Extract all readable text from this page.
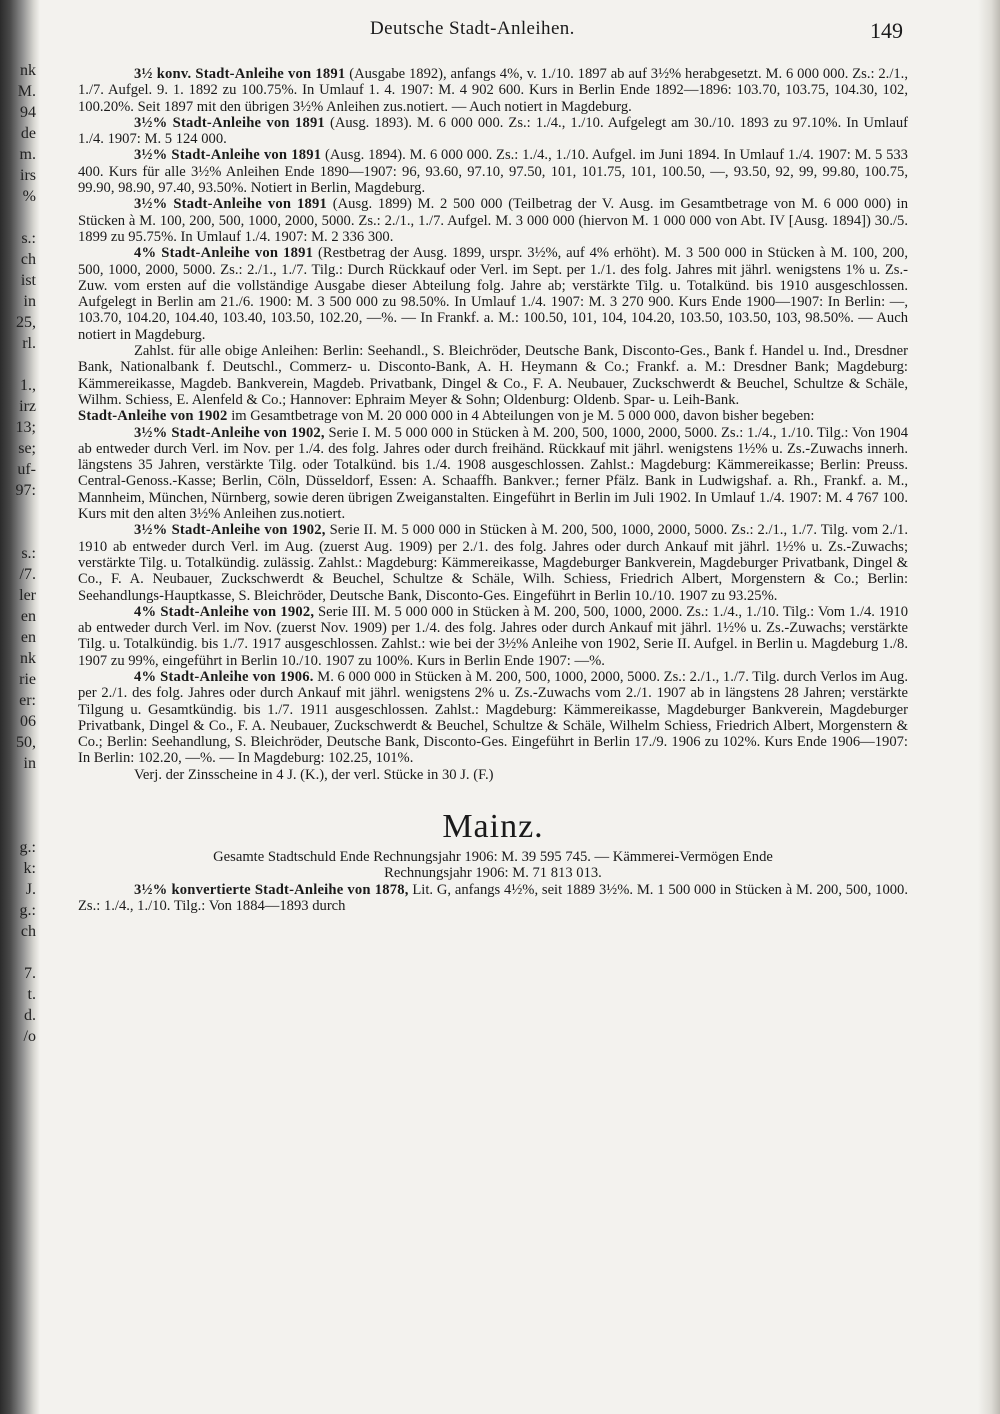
nk
M.
94
de
m.
irs
%

s.:
ch
ist
in
25,
rl.

1.,
irz
13;
se;
uf-
97:

s.:
/7.
ler
en
en
nk
rie
er:
06
50,
in

g.:
k:
J.
g.:
ch

7.
t.
d.
/o
Deutsche Stadt-Anleihen.	149

3½ konv. Stadt-Anleihe von 1891 (Ausgabe 1892), anfangs 4%, v. 1./10. 1897 ab auf 3½% herabgesetzt. M. 6 000 000. Zs.: 2./1., 1./7. Aufgel. 9. 1. 1892 zu 100.75%. In Umlauf 1. 4. 1907: M. 4 902 600. Kurs in Berlin Ende 1892—1896: 103.70, 103.75, 104.30, 102, 100.20%. Seit 1897 mit den übrigen 3½% Anleihen zus.notiert. — Auch notiert in Magdeburg.

3½% Stadt-Anleihe von 1891 (Ausg. 1893). M. 6 000 000. Zs.: 1./4., 1./10. Aufgelegt am 30./10. 1893 zu 97.10%. In Umlauf 1./4. 1907: M. 5 124 000.

3½% Stadt-Anleihe von 1891 (Ausg. 1894). M. 6 000 000. Zs.: 1./4., 1./10. Aufgel. im Juni 1894. In Umlauf 1./4. 1907: M. 5 533 400. Kurs für alle 3½% Anleihen Ende 1890—1907: 96, 93.60, 97.10, 97.50, 101, 101.75, 101, 100.50, —, 93.50, 92, 99, 99.80, 100.75, 99.90, 98.90, 97.40, 93.50%. Notiert in Berlin, Magdeburg.

3½% Stadt-Anleihe von 1891 (Ausg. 1899) M. 2 500 000 (Teilbetrag der V. Ausg. im Gesamtbetrage von M. 6 000 000) in Stücken à M. 100, 200, 500, 1000, 2000, 5000. Zs.: 2./1., 1./7. Aufgel. M. 3 000 000 (hiervon M. 1 000 000 von Abt. IV [Ausg. 1894]) 30./5. 1899 zu 95.75%. In Umlauf 1./4. 1907: M. 2 336 300.

4% Stadt-Anleihe von 1891 (Restbetrag der Ausg. 1899, urspr. 3½%, auf 4% erhöht). M. 3 500 000 in Stücken à M. 100, 200, 500, 1000, 2000, 5000. Zs.: 2./1., 1./7. Tilg.: Durch Rückkauf oder Verl. im Sept. per 1./1. des folg. Jahres mit jährl. wenigstens 1% u. Zs.-Zuw. vom ersten auf die vollständige Ausgabe dieser Abteilung folg. Jahre ab; verstärkte Tilg. u. Totalkünd. bis 1910 ausgeschlossen. Aufgelegt in Berlin am 21./6. 1900: M. 3 500 000 zu 98.50%. In Umlauf 1./4. 1907: M. 3 270 900. Kurs Ende 1900—1907: In Berlin: —, 103.70, 104.20, 104.40, 103.40, 103.50, 102.20, —%. — In Frankf. a. M.: 100.50, 101, 104, 104.20, 103.50, 103.50, 103, 98.50%. — Auch notiert in Magdeburg.

Zahlst. für alle obige Anleihen: Berlin: Seehandl., S. Bleichröder, Deutsche Bank, Disconto-Ges., Bank f. Handel u. Ind., Dresdner Bank, Nationalbank f. Deutschl., Commerz- u. Disconto-Bank, A. H. Heymann & Co.; Frankf. a. M.: Dresdner Bank; Magdeburg: Kämmereikasse, Magdeb. Bankverein, Magdeb. Privatbank, Dingel & Co., F. A. Neubauer, Zuckschwerdt & Beuchel, Schultze & Schäle, Wilhm. Schiess, E. Alenfeld & Co.; Hannover: Ephraim Meyer & Sohn; Oldenburg: Oldenb. Spar- u. Leih-Bank.

Stadt-Anleihe von 1902 im Gesamtbetrage von M. 20 000 000 in 4 Abteilungen von je M. 5 000 000, davon bisher begeben:

3½% Stadt-Anleihe von 1902, Serie I. M. 5 000 000 in Stücken à M. 200, 500, 1000, 2000, 5000. Zs.: 1./4., 1./10. Tilg.: Von 1904 ab entweder durch Verl. im Nov. per 1./4. des folg. Jahres oder durch freihänd. Rückkauf mit jährl. wenigstens 1½% u. Zs.-Zuwachs innerh. längstens 35 Jahren, verstärkte Tilg. oder Totalkünd. bis 1./4. 1908 ausgeschlossen. Zahlst.: Magdeburg: Kämmereikasse; Berlin: Preuss. Central-Genoss.-Kasse; Berlin, Cöln, Düsseldorf, Essen: A. Schaaffh. Bankver.; ferner Pfälz. Bank in Ludwigshaf. a. Rh., Frankf. a. M., Mannheim, München, Nürnberg, sowie deren übrigen Zweiganstalten. Eingeführt in Berlin im Juli 1902. In Umlauf 1./4. 1907: M. 4 767 100. Kurs mit den alten 3½% Anleihen zus.notiert.

3½% Stadt-Anleihe von 1902, Serie II. M. 5 000 000 in Stücken à M. 200, 500, 1000, 2000, 5000. Zs.: 2./1., 1./7. Tilg. vom 2./1. 1910 ab entweder durch Verl. im Aug. (zuerst Aug. 1909) per 2./1. des folg. Jahres oder durch Ankauf mit jährl. 1½% u. Zs.-Zuwachs; verstärkte Tilg. u. Totalkündig. zulässig. Zahlst.: Magdeburg: Kämmereikasse, Magdeburger Bankverein, Magdeburger Privatbank, Dingel & Co., F. A. Neubauer, Zuckschwerdt & Beuchel, Schultze & Schäle, Wilh. Schiess, Friedrich Albert, Morgenstern & Co.; Berlin: Seehandlungs-Hauptkasse, S. Bleichröder, Deutsche Bank, Disconto-Ges. Eingeführt in Berlin 10./10. 1907 zu 93.25%.

4% Stadt-Anleihe von 1902, Serie III. M. 5 000 000 in Stücken à M. 200, 500, 1000, 2000. Zs.: 1./4., 1./10. Tilg.: Vom 1./4. 1910 ab entweder durch Verl. im Nov. (zuerst Nov. 1909) per 1./4. des folg. Jahres oder durch Ankauf mit jährl. 1½% u. Zs.-Zuwachs; verstärkte Tilg. u. Totalkündig. bis 1./7. 1917 ausgeschlossen. Zahlst.: wie bei der 3½% Anleihe von 1902, Serie II. Aufgel. in Berlin u. Magdeburg 1./8. 1907 zu 99%, eingeführt in Berlin 10./10. 1907 zu 100%. Kurs in Berlin Ende 1907: —%.

4% Stadt-Anleihe von 1906. M. 6 000 000 in Stücken à M. 200, 500, 1000, 2000, 5000. Zs.: 2./1., 1./7. Tilg. durch Verlos im Aug. per 2./1. des folg. Jahres oder durch Ankauf mit jährl. wenigstens 2% u. Zs.-Zuwachs vom 2./1. 1907 ab in längstens 28 Jahren; verstärkte Tilgung u. Gesamtkündig. bis 1./7. 1911 ausgeschlossen. Zahlst.: Magdeburg: Kämmereikasse, Magdeburger Bankverein, Magdeburger Privatbank, Dingel & Co., F. A. Neubauer, Zuckschwerdt & Beuchel, Schultze & Schäle, Wilhelm Schiess, Friedrich Albert, Morgenstern & Co.; Berlin: Seehandlung, S. Bleichröder, Deutsche Bank, Disconto-Ges. Eingeführt in Berlin 17./9. 1906 zu 102%. Kurs Ende 1906—1907: In Berlin: 102.20, —%. — In Magdeburg: 102.25, 101%.

Verj. der Zinsscheine in 4 J. (K.), der verl. Stücke in 30 J. (F.)

Mainz.

Gesamte Stadtschuld Ende Rechnungsjahr 1906: M. 39 595 745. — Kämmerei-Vermögen Ende

Rechnungsjahr 1906: M. 71 813 013.

3½% konvertierte Stadt-Anleihe von 1878, Lit. G, anfangs 4½%, seit 1889 3½%. M. 1 500 000 in Stücken à M. 200, 500, 1000. Zs.: 1./4., 1./10. Tilg.: Von 1884—1893 durch
